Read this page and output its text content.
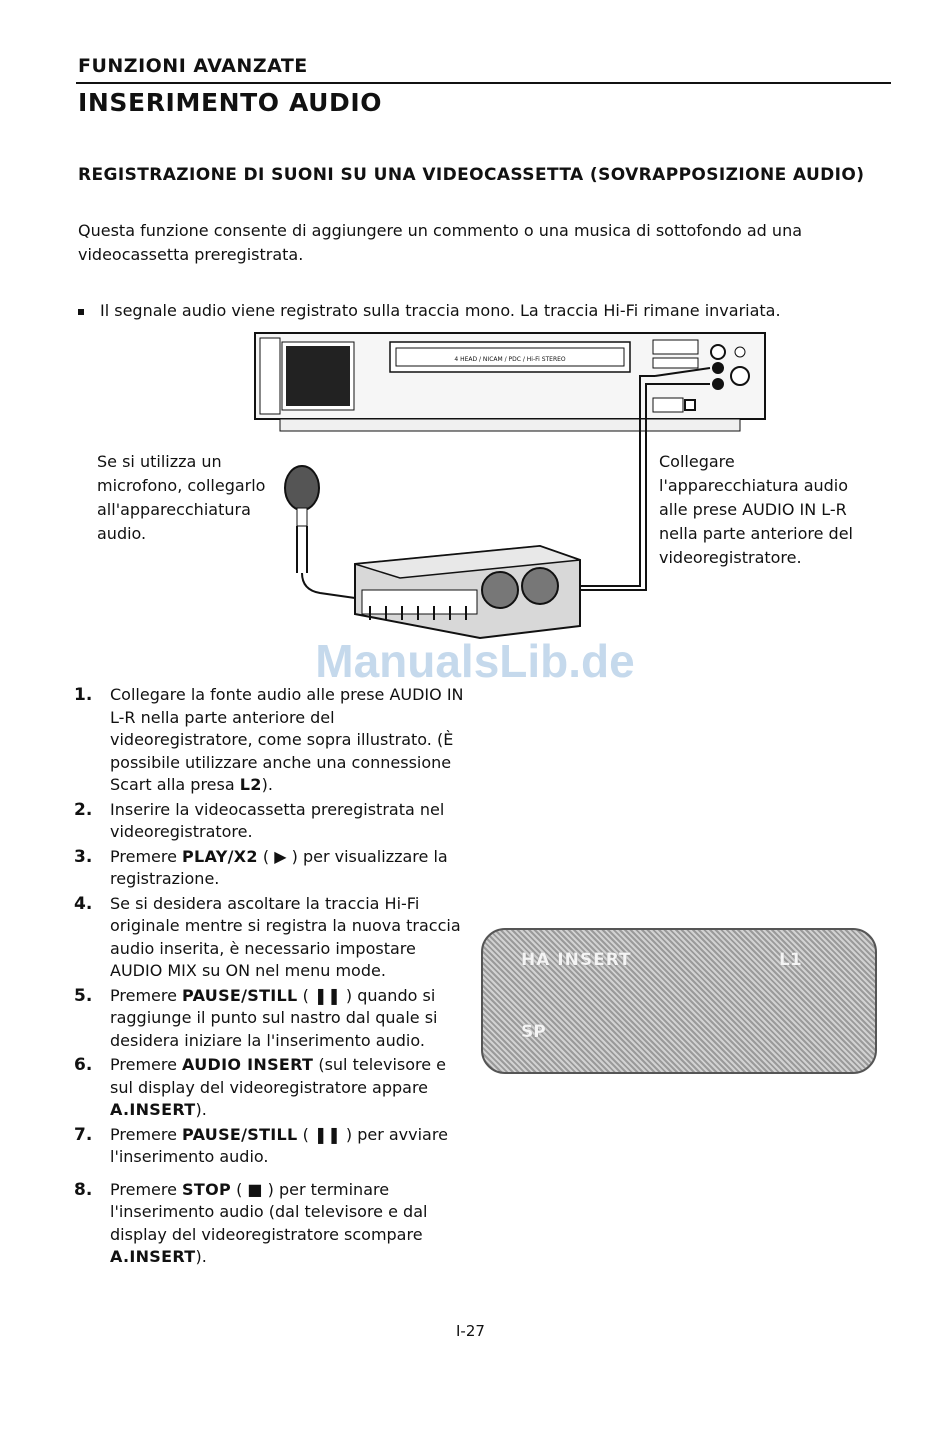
FUNZIONI AVANZATE
INSERIMENTO AUDIO
REGISTRAZIONE DI SUONI SU UNA VIDEOCASSETTA (SOVRAPPOSIZIONE AUDIO)
Questa funzione consente di aggiungere un commento o una musica di sottofondo ad una videocassetta preregistrata.
Il segnale audio viene registrato sulla traccia mono. La traccia Hi-Fi rimane invariata.
4 HEAD / NICAM / PDC / Hi-Fi STEREO
Se si utilizza un microfono, collegarlo all'apparecchiatura audio.
Collegare l'apparecchiatura audio alle prese AUDIO IN L-R nella parte anteriore del videoregistratore.
ManualsLib.de
1.	Collegare la fonte audio alle prese AUDIO IN L-R nella parte anteriore del videoregistratore, come sopra illustrato. (È possibile utilizzare anche una connessione Scart alla presa L2).
2.	Inserire la videocassetta preregistrata nel videoregistratore.
3.	Premere PLAY/X2 ( ▶ ) per visualizzare la registrazione.
4.	Se si desidera ascoltare la traccia Hi-Fi originale mentre si registra la nuova traccia audio inserita, è necessario impostare AUDIO MIX su ON nel menu mode.
5.	Premere PAUSE/STILL ( ❚❚ ) quando si raggiunge il punto sul nastro dal quale si desidera iniziare la l'inserimento audio.
6.	Premere AUDIO INSERT (sul televisore e sul display del videoregistratore appare A.INSERT).
7.	Premere PAUSE/STILL ( ❚❚ ) per avviare l'inserimento audio.
8.	Premere STOP ( ■ ) per terminare l'inserimento audio (dal televisore e dal display del videoregistratore scompare A.INSERT).
HA INSERT	L1
SP
I-27
